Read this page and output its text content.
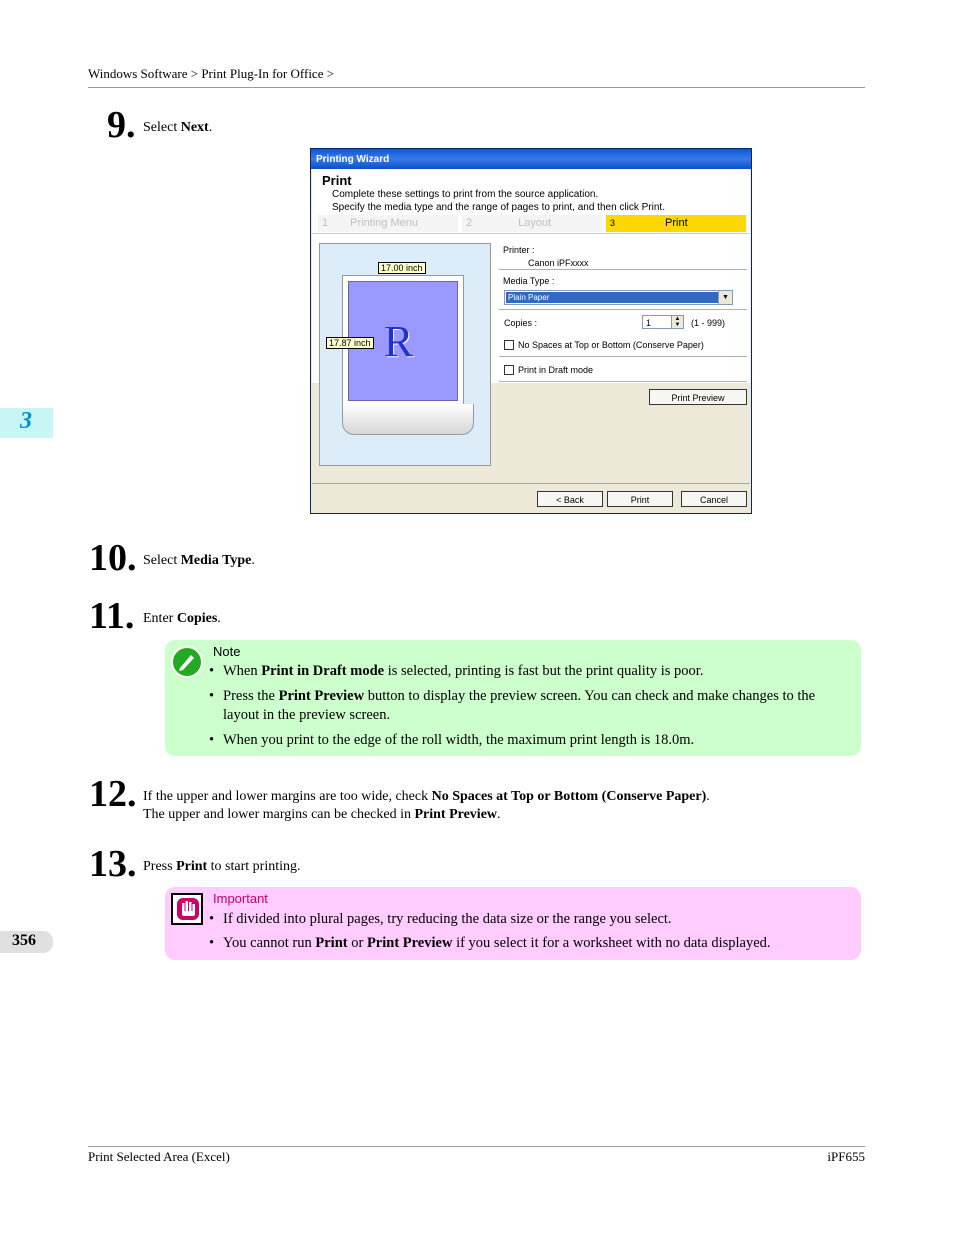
Windows Software > Print Plug-In for Office >
3
356
9. Select Next.
Printing Wizard
Print
Complete these settings to print from the source application.
Specify the media type and the range of pages to print, and then click Print.
1 Printing Menu	2	Layout	3	Print
R
17.00 inch
17.87 inch
Printer :
Canon iPFxxxx
Media Type :
Plain Paper	▼
Copies :	1	▲
▼ (1 - 999)
No Spaces at Top or Bottom (Conserve Paper)
Print in Draft mode
Print Preview
< Back	Print	Cancel
10. Select Media Type.
11. Enter Copies.
Note
• When Print in Draft mode is selected, printing is fast but the print quality is poor.
• Press the Print Preview button to display the preview screen. You can check and make changes to the layout in the preview screen.
• When you print to the edge of the roll width, the maximum print length is 18.0m.
12. If the upper and lower margins are too wide, check No Spaces at Top or Bottom (Conserve Paper).
The upper and lower margins can be checked in Print Preview.
13. Press Print to start printing.
Important
• If divided into plural pages, try reducing the data size or the range you select.
• You cannot run Print or Print Preview if you select it for a worksheet with no data displayed.
Print Selected Area (Excel)	iPF655
